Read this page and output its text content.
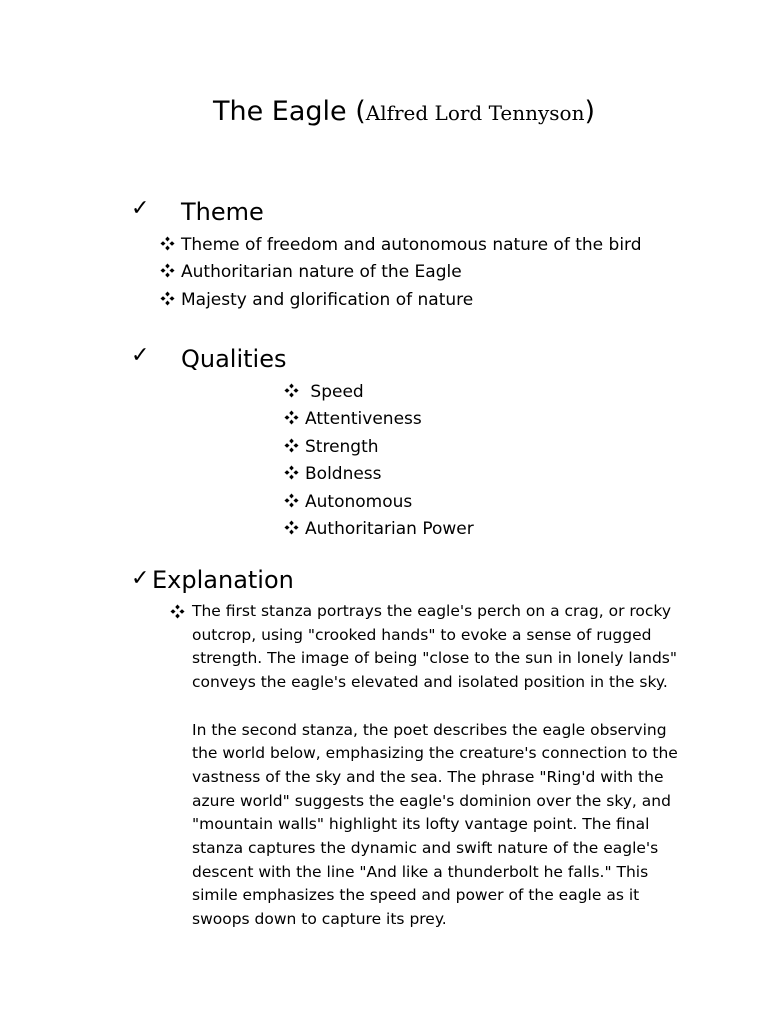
The Eagle (Alfred Lord Tennyson)
✓ Theme
Theme of freedom and autonomous nature of the bird
Authoritarian nature of the Eagle
Majesty and glorification of nature
✓ Qualities
Speed
Attentiveness
Strength
Boldness
Autonomous
Authoritarian Power
✓ Explanation

The first stanza portrays the eagle's perch on a crag, or rocky outcrop, using "crooked hands" to evoke a sense of rugged strength. The image of being "close to the sun in lonely lands" conveys the eagle's elevated and isolated position in the sky.

In the second stanza, the poet describes the eagle observing the world below, emphasizing the creature's connection to the vastness of the sky and the sea. The phrase "Ring'd with the azure world" suggests the eagle's dominion over the sky, and "mountain walls" highlight its lofty vantage point. The final stanza captures the dynamic and swift nature of the eagle's descent with the line "And like a thunderbolt he falls." This simile emphasizes the speed and power of the eagle as it swoops down to capture its prey.
